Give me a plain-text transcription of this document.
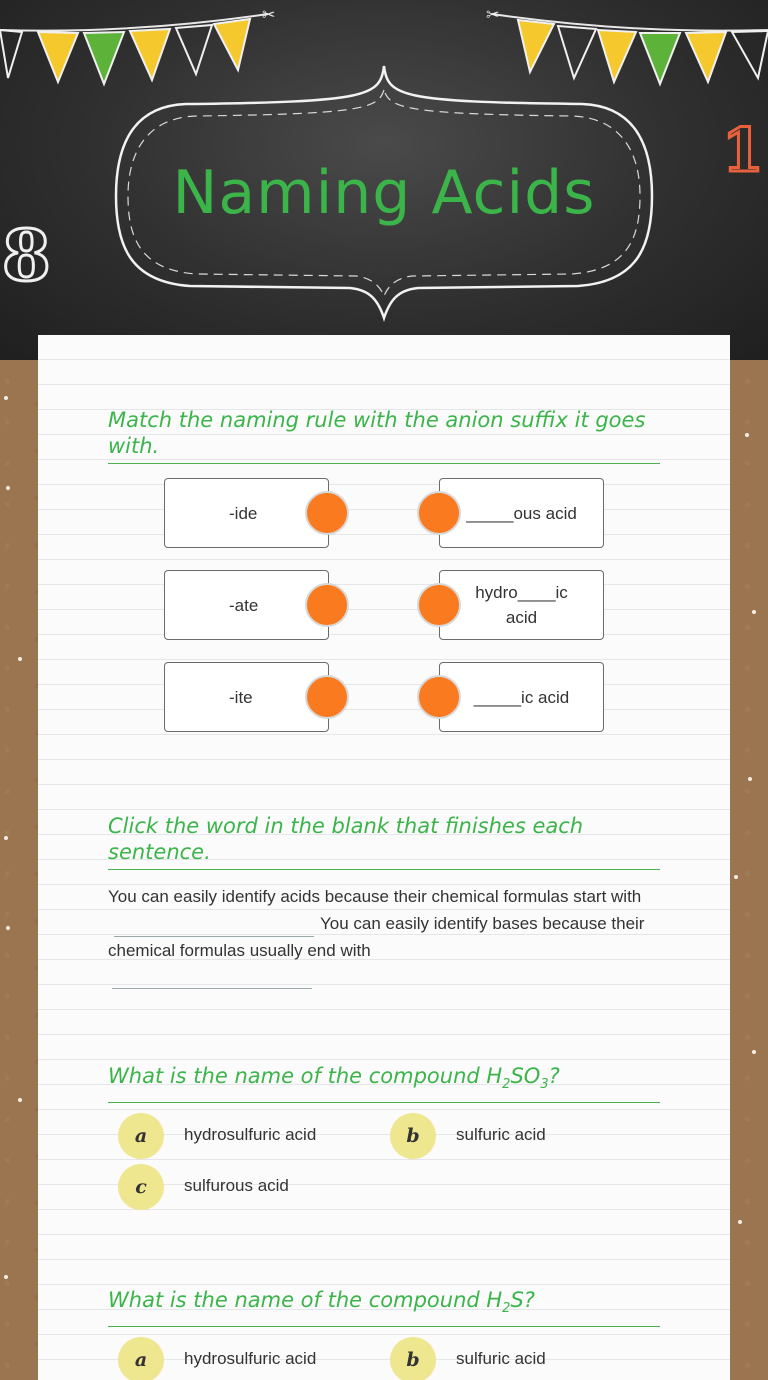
✂	✂
Naming Acids
1
8
Match the naming rule with the anion suffix it goes with.
-ide
-ate
-ite
_____ous acid
hydro____ic acid
_____ic acid
Click the word in the blank that finishes each sentence.
You can easily identify acids because their chemical formulas start withYou can easily identify bases because their chemical formulas usually end with
What is the name of the compound $H_2SO_3$?
a	hydrosulfuric acid	b	sulfuric acid
c	sulfurous acid
What is the name of the compound $H_2S$?
a	hydrosulfuric acid	b	sulfuric acid
